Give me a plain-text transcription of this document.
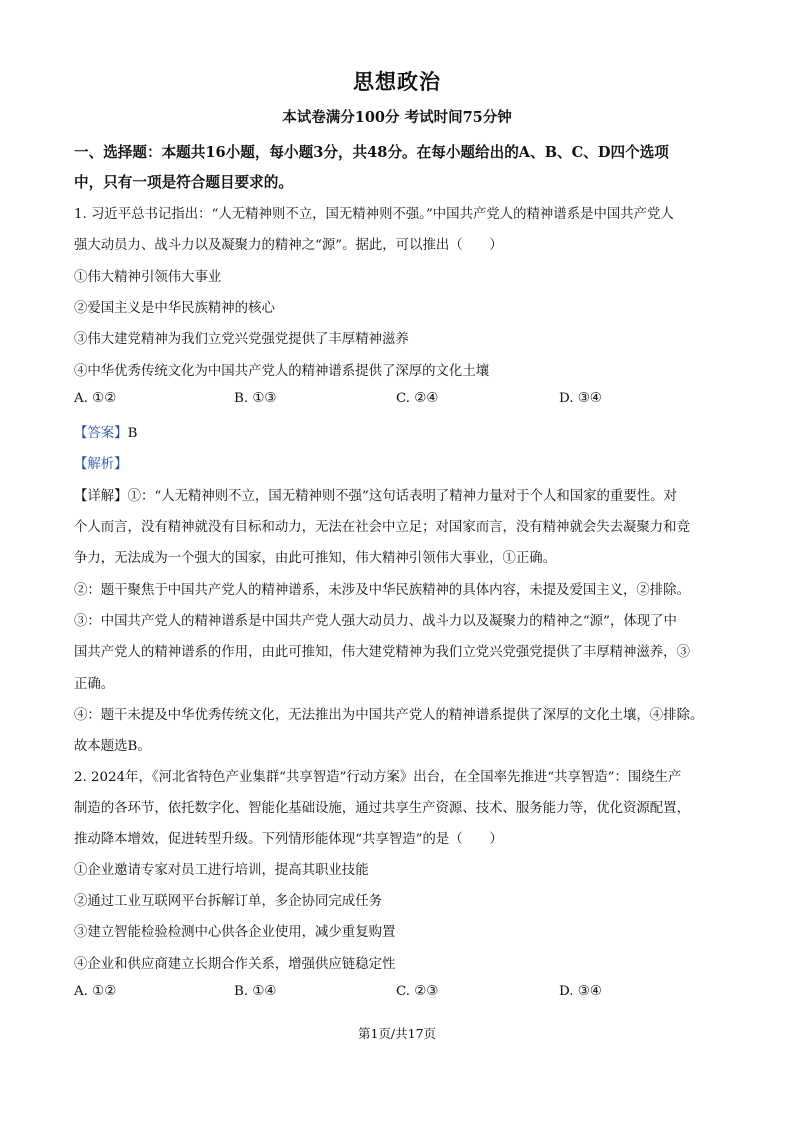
思想政治
本试卷满分100分 考试时间75分钟
一、选择题：本题共16小题，每小题3分，共48分。在每小题给出的A、B、C、D四个选项
中，只有一项是符合题目要求的。
1. 习近平总书记指出：“人无精神则不立，国无精神则不强。”中国共产党人的精神谱系是中国共产党人
强大动员力、战斗力以及凝聚力的精神之“源”。据此，可以推出（　　）
①伟大精神引领伟大事业
②爱国主义是中华民族精神的核心
③伟大建党精神为我们立党兴党强党提供了丰厚精神滋养
④中华优秀传统文化为中国共产党人的精神谱系提供了深厚的文化土壤
A. ①②	B. ①③	C. ②④	D. ③④
【答案】B
【解析】
【详解】①：“人无精神则不立，国无精神则不强”这句话表明了精神力量对于个人和国家的重要性。对
个人而言，没有精神就没有目标和动力，无法在社会中立足；对国家而言，没有精神就会失去凝聚力和竞
争力，无法成为一个强大的国家，由此可推知，伟大精神引领伟大事业，①正确。
②：题干聚焦于中国共产党人的精神谱系，未涉及中华民族精神的具体内容，未提及爱国主义，②排除。
③：中国共产党人的精神谱系是中国共产党人强大动员力、战斗力以及凝聚力的精神之“源”，体现了中
国共产党人的精神谱系的作用，由此可推知，伟大建党精神为我们立党兴党强党提供了丰厚精神滋养，③
正确。
④：题干未提及中华优秀传统文化，无法推出为中国共产党人的精神谱系提供了深厚的文化土壤，④排除。
故本题选B。
2. 2024年，《河北省特色产业集群“共享智造”行动方案》出台，在全国率先推进“共享智造”：围绕生产
制造的各环节，依托数字化、智能化基础设施，通过共享生产资源、技术、服务能力等，优化资源配置，
推动降本增效，促进转型升级。下列情形能体现“共享智造”的是（　　）
①企业邀请专家对员工进行培训，提高其职业技能
②通过工业互联网平台拆解订单，多企协同完成任务
③建立智能检验检测中心供各企业使用，减少重复购置
④企业和供应商建立长期合作关系，增强供应链稳定性
A. ①②	B. ①④	C. ②③	D. ③④
第1页/共17页
